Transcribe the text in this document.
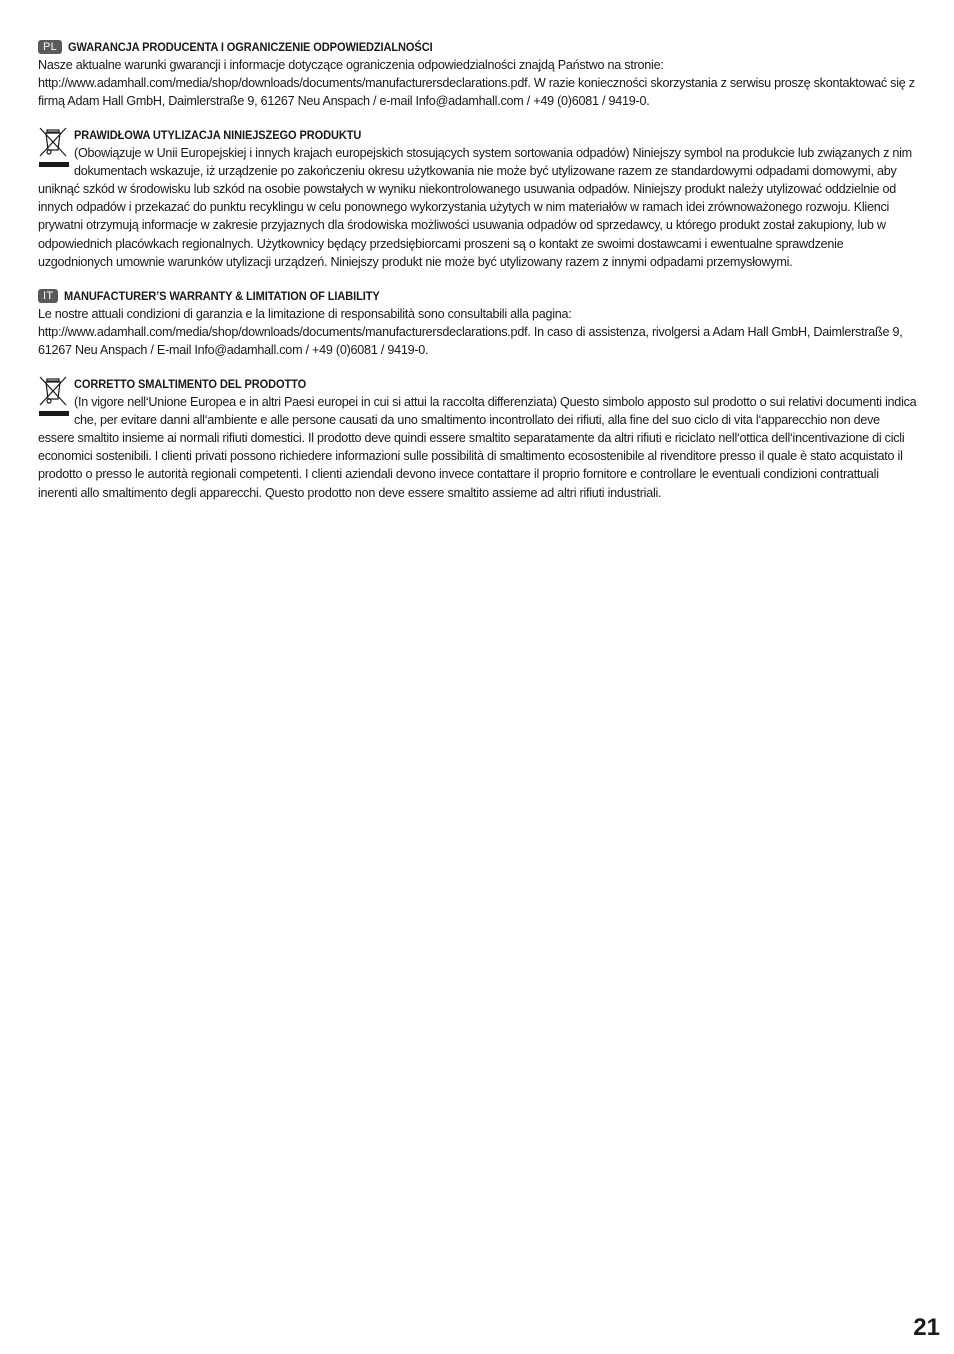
PL GWARANCJA PRODUCENTA I OGRANICZENIE ODPOWIEDZIALNOŚCI

Nasze aktualne warunki gwarancji i informacje dotyczące ograniczenia odpowiedzialności znajdą Państwo na stronie: http://www.adamhall.com/media/shop/downloads/documents/manufacturersdeclarations.pdf. W razie konieczności skorzystania z serwisu proszę skontaktować się z firmą Adam Hall GmbH, Daimlerstraße 9, 61267 Neu Anspach / e-mail Info@adamhall.com / +49 (0)6081 / 9419-0.

PRAWIDŁOWA UTYLIZACJA NINIEJSZEGO PRODUKTU

(Obowiązuje w Unii Europejskiej i innych krajach europejskich stosujących system sortowania odpadów) Niniejszy symbol na produkcie lub związanych z nim dokumentach wskazuje, iż urządzenie po zakończeniu okresu użytkowania nie może być utylizowane razem ze standardowymi odpadami domowymi, aby uniknąć szkód w środowisku lub szkód na osobie powstałych w wyniku niekontrolowanego usuwania odpadów. Niniejszy produkt należy utylizować oddzielnie od innych odpadów i przekazać do punktu recyklingu w celu ponownego wykorzystania użytych w nim materiałów w ramach idei zrównoważonego rozwoju. Klienci prywatni otrzymują informacje w zakresie przyjaznych dla środowiska możliwości usuwania odpadów od sprzedawcy, u którego produkt został zakupiony, lub w odpowiednich placówkach regionalnych. Użytkownicy będący przedsiębiorcami proszeni są o kontakt ze swoimi dostawcami i ewentualne sprawdzenie uzgodnionych umownie warunków utylizacji urządzeń. Niniejszy produkt nie może być utylizowany razem z innymi odpadami przemysłowymi.

IT MANUFACTURER’S WARRANTY & LIMITATION OF LIABILITY

Le nostre attuali condizioni di garanzia e la limitazione di responsabilità sono consultabili alla pagina: http://www.adamhall.com/media/shop/downloads/documents/manufacturersdeclarations.pdf. In caso di assistenza, rivolgersi a Adam Hall GmbH, Daimlerstraße 9, 61267 Neu Anspach / E-mail Info@adamhall.com / +49 (0)6081 / 9419-0.

CORRETTO SMALTIMENTO DEL PRODOTTO

(In vigore nell‘Unione Europea e in altri Paesi europei in cui si attui la raccolta differenziata) Questo simbolo apposto sul prodotto o sui relativi documenti indica che, per evitare danni all‘ambiente e alle persone causati da uno smaltimento incontrollato dei rifiuti, alla fine del suo ciclo di vita l‘apparecchio non deve essere smaltito insieme ai normali rifiuti domestici. Il prodotto deve quindi essere smaltito separatamente da altri rifiuti e riciclato nell‘ottica dell‘incentivazione di cicli economici sostenibili. I clienti privati possono richiedere informazioni sulle possibilità di smaltimento ecosostenibile al rivenditore presso il quale è stato acquistato il prodotto o presso le autorità regionali competenti. I clienti aziendali devono invece contattare il proprio fornitore e controllare le eventuali condizioni contrattuali inerenti allo smaltimento degli apparecchi. Questo prodotto non deve essere smaltito assieme ad altri rifiuti industriali.

21
